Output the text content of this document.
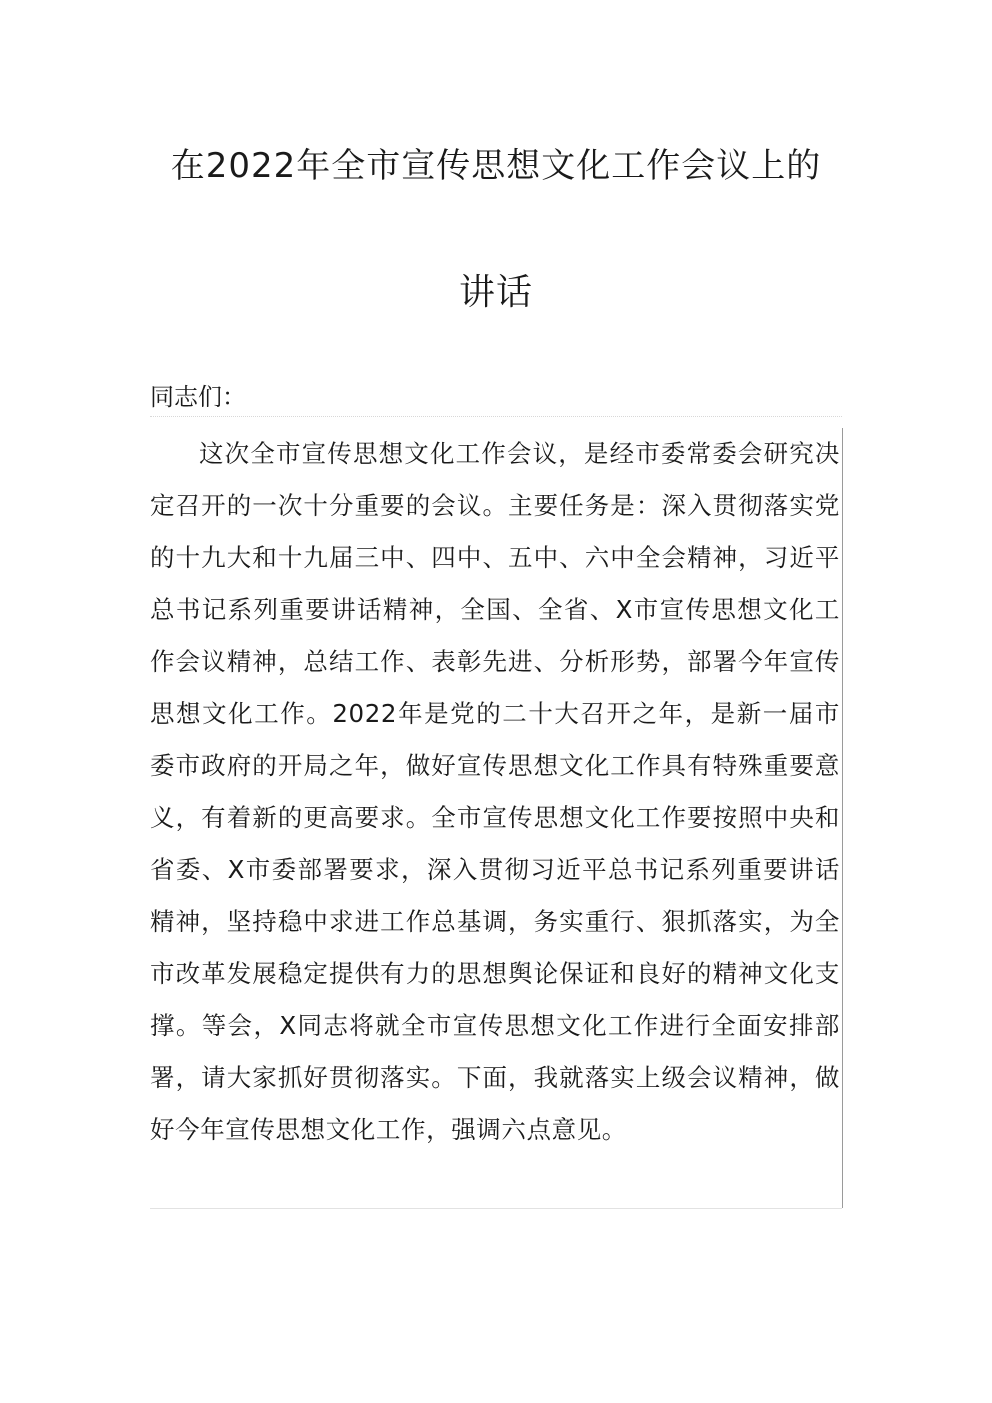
在2022年全市宣传思想文化工作会议上的
讲话

同志们：

这次全市宣传思想文化工作会议，是经市委常委会研究决定召开的一次十分重要的会议。主要任务是：深入贯彻落实党的十九大和十九届三中、四中、五中、六中全会精神，习近平总书记系列重要讲话精神，全国、全省、X市宣传思想文化工作会议精神，总结工作、表彰先进、分析形势，部署今年宣传思想文化工作。2022年是党的二十大召开之年，是新一届市委市政府的开局之年，做好宣传思想文化工作具有特殊重要意义，有着新的更高要求。全市宣传思想文化工作要按照中央和省委、X市委部署要求，深入贯彻习近平总书记系列重要讲话精神，坚持稳中求进工作总基调，务实重行、狠抓落实，为全市改革发展稳定提供有力的思想舆论保证和良好的精神文化支撑。等会，X同志将就全市宣传思想文化工作进行全面安排部署，请大家抓好贯彻落实。下面，我就落实上级会议精神，做好今年宣传思想文化工作，强调六点意见。
